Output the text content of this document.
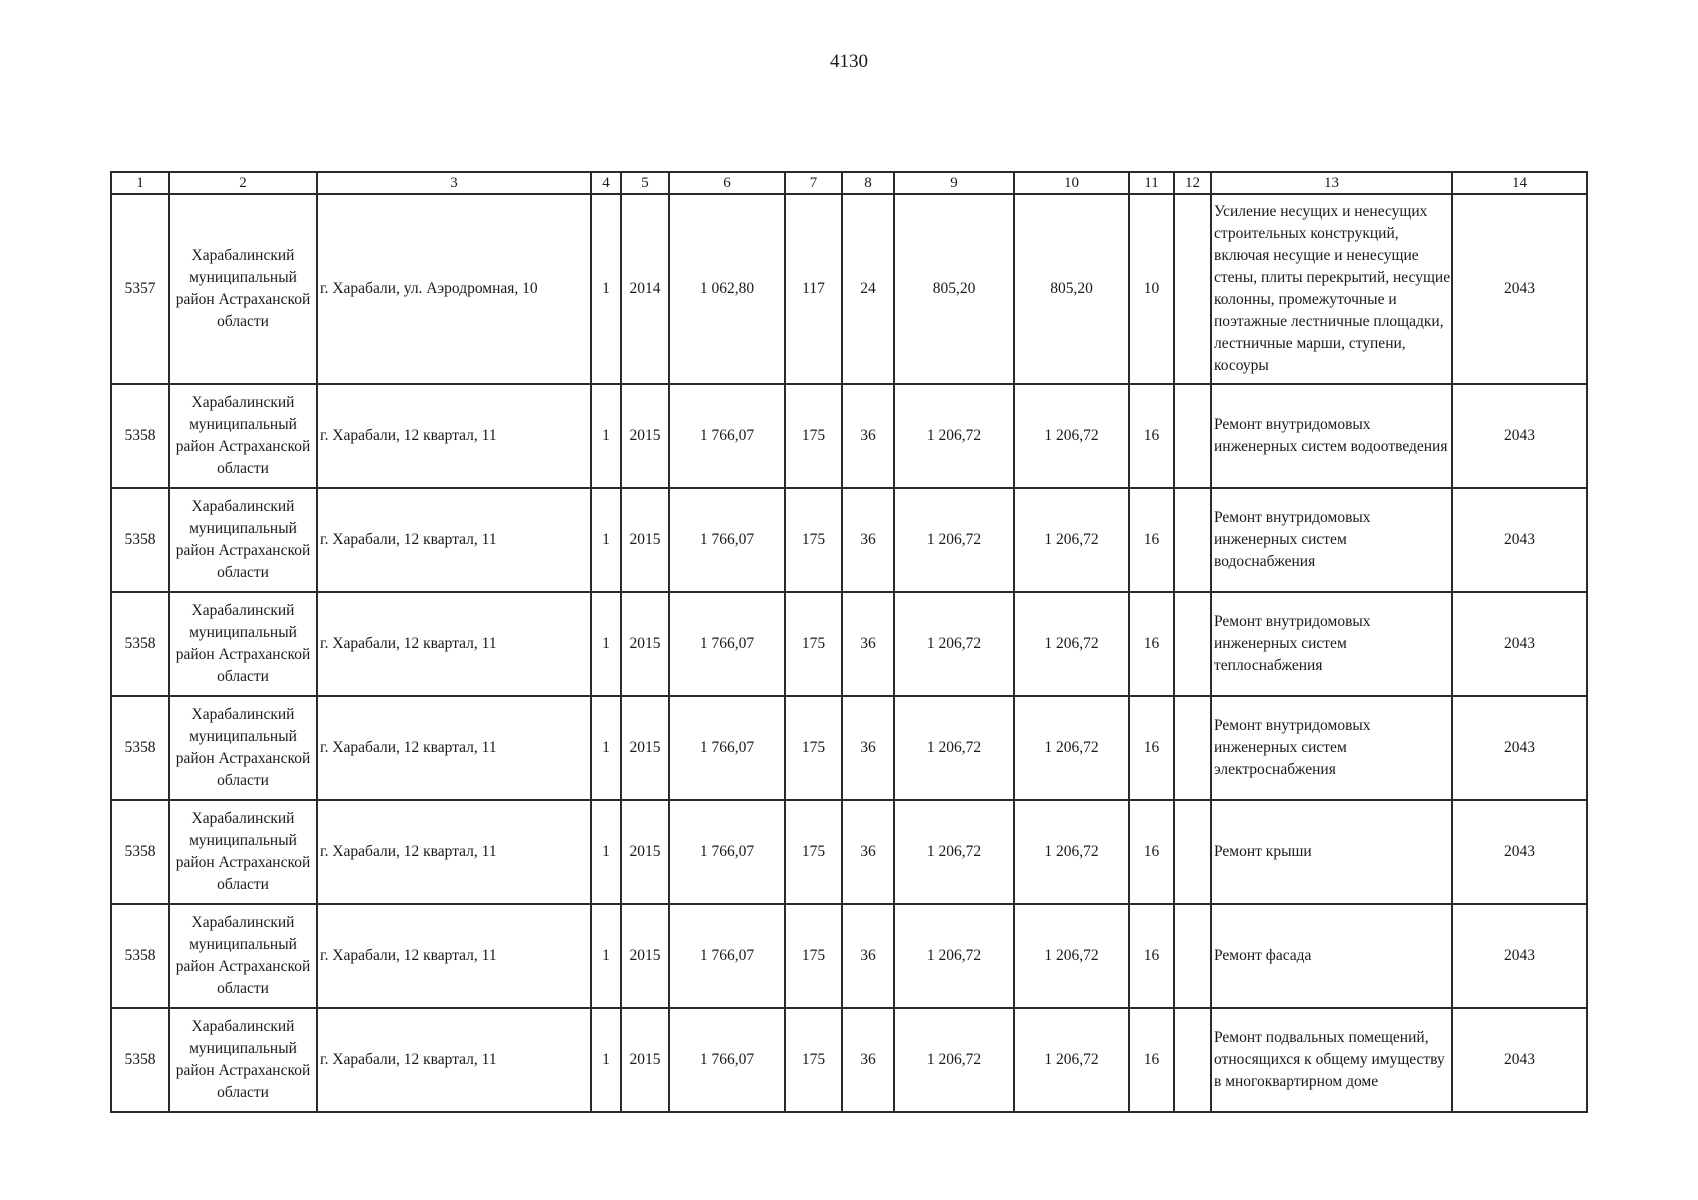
4130
1	2	3	4	5	6	7	8	9	10	11	12	13	14
5357	Харабалинский муниципальный район Астраханской области	г. Харабали, ул. Аэродромная, 10	1	2014	1 062,80	117	24	805,20	805,20	10		Усиление несущих и ненесущих строительных конструкций, включая несущие и ненесущие стены, плиты перекрытий, несущие колонны, промежуточные и поэтажные лестничные площадки, лестничные марши, ступени, косоуры	2043
5358	Харабалинский муниципальный район Астраханской области	г. Харабали, 12 квартал, 11	1	2015	1 766,07	175	36	1 206,72	1 206,72	16		Ремонт внутридомовых инженерных систем водоотведения	2043
5358	Харабалинский муниципальный район Астраханской области	г. Харабали, 12 квартал, 11	1	2015	1 766,07	175	36	1 206,72	1 206,72	16		Ремонт внутридомовых инженерных систем водоснабжения	2043
5358	Харабалинский муниципальный район Астраханской области	г. Харабали, 12 квартал, 11	1	2015	1 766,07	175	36	1 206,72	1 206,72	16		Ремонт внутридомовых инженерных систем теплоснабжения	2043
5358	Харабалинский муниципальный район Астраханской области	г. Харабали, 12 квартал, 11	1	2015	1 766,07	175	36	1 206,72	1 206,72	16		Ремонт внутридомовых инженерных систем электроснабжения	2043
5358	Харабалинский муниципальный район Астраханской области	г. Харабали, 12 квартал, 11	1	2015	1 766,07	175	36	1 206,72	1 206,72	16		Ремонт крыши	2043
5358	Харабалинский муниципальный район Астраханской области	г. Харабали, 12 квартал, 11	1	2015	1 766,07	175	36	1 206,72	1 206,72	16		Ремонт фасада	2043
5358	Харабалинский муниципальный район Астраханской области	г. Харабали, 12 квартал, 11	1	2015	1 766,07	175	36	1 206,72	1 206,72	16		Ремонт подвальных помещений, относящихся к общему имуществу в многоквартирном доме	2043
